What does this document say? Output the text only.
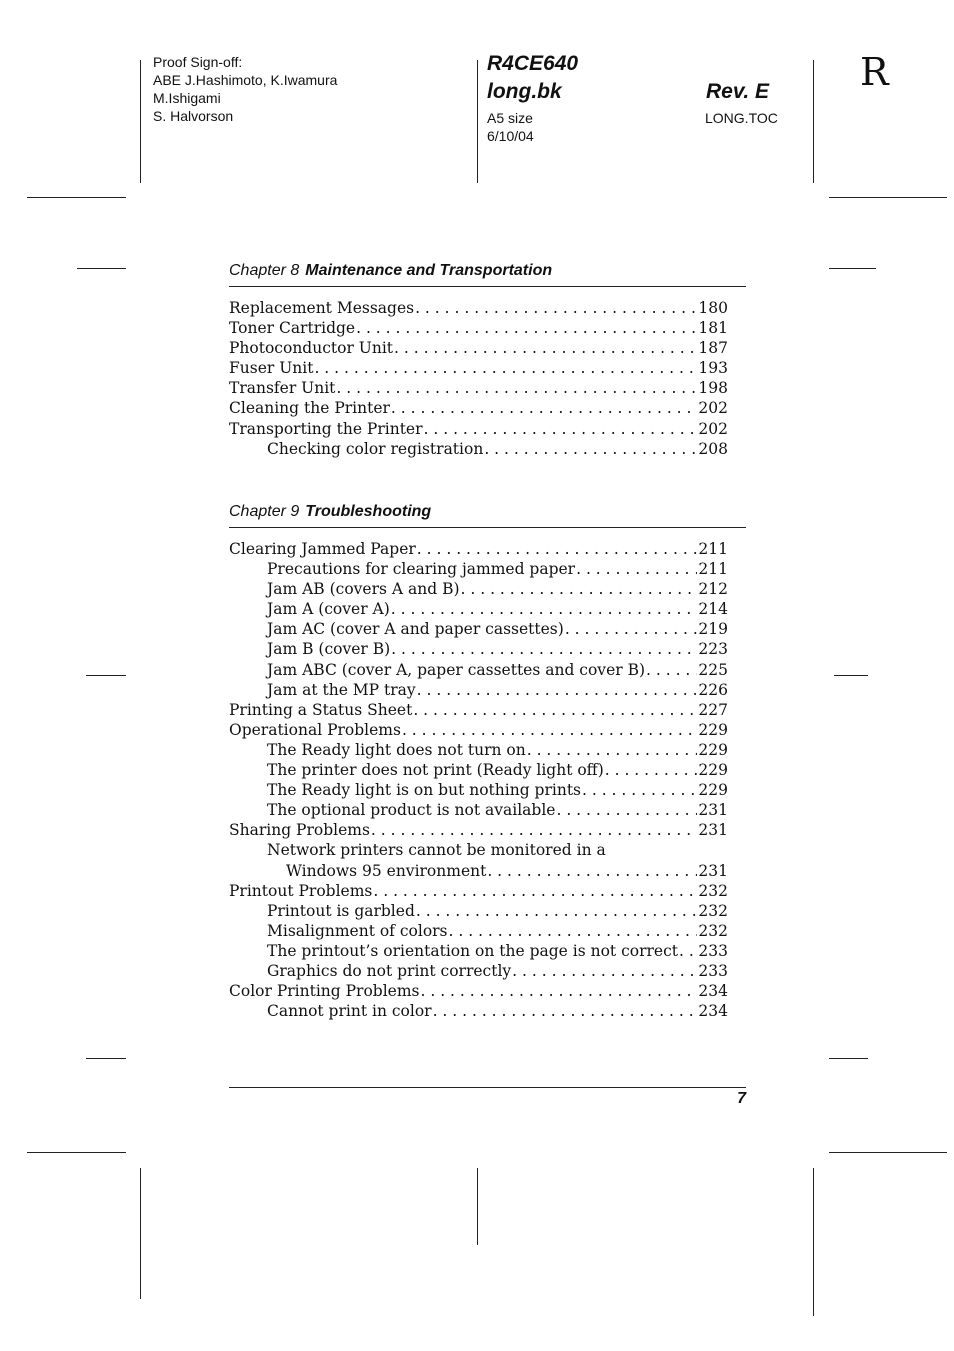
Proof Sign-off:
ABE J.Hashimoto, K.Iwamura
M.Ishigami
S. Halvorson
R4CE640
long.bk
A5 size
6/10/04
Rev. E
LONG.TOC
R
Chapter 8 Maintenance and Transportation
Replacement Messages . . .	180
Toner Cartridge . . .	181
Photoconductor Unit . . .	187
Fuser Unit . . .	193
Transfer Unit . . .	198
Cleaning the Printer . . .	202
Transporting the Printer . . .	202
Checking color registration . . .	208
Chapter 9 Troubleshooting
Clearing Jammed Paper . . .	211
Precautions for clearing jammed paper . . .	211
Jam AB (covers A and B) . . .	212
Jam A (cover A) . . .	214
Jam AC (cover A and paper cassettes) . . .	219
Jam B (cover B) . . .	223
Jam ABC (cover A, paper cassettes and cover B) . . .	225
Jam at the MP tray . . .	226
Printing a Status Sheet . . .	227
Operational Problems . . .	229
The Ready light does not turn on . . .	229
The printer does not print (Ready light off) . . .	229
The Ready light is on but nothing prints . . .	229
The optional product is not available . . .	231
Sharing Problems . . .	231
Network printers cannot be monitored in a
Windows 95 environment . . .	231
Printout Problems . . .	232
Printout is garbled . . .	232
Misalignment of colors . . .	232
The printout’s orientation on the page is not correct . . . 233
Graphics do not print correctly . . .	233
Color Printing Problems . . .	234
Cannot print in color . . .	234
7
